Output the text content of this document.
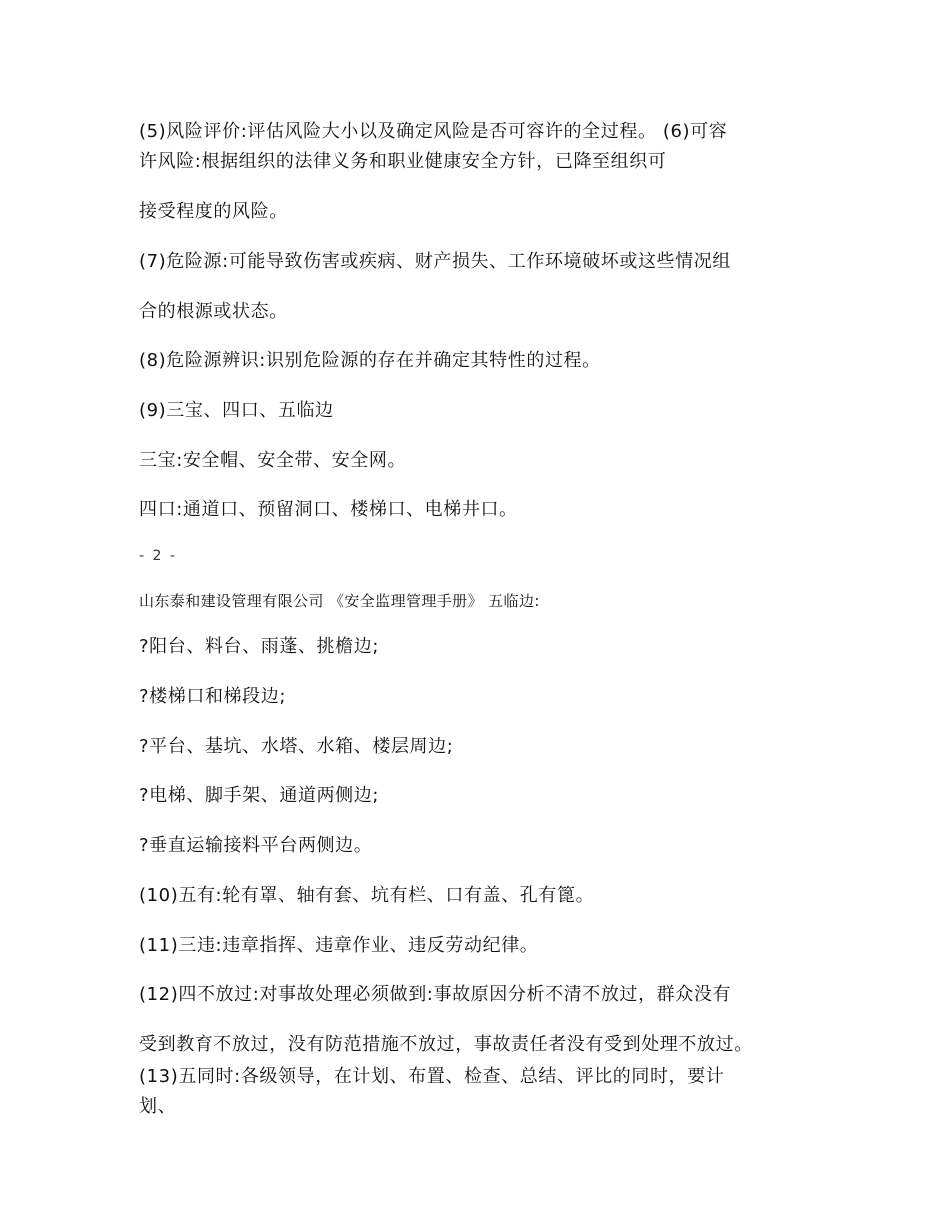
(5)风险评价:评估风险大小以及确定风险是否可容许的全过程。 (6)可容

许风险:根据组织的法律义务和职业健康安全方针，已降至组织可

接受程度的风险。

(7)危险源:可能导致伤害或疾病、财产损失、工作环境破坏或这些情况组

合的根源或状态。

(8)危险源辨识:识别危险源的存在并确定其特性的过程。

(9)三宝、四口、五临边

三宝:安全帽、安全带、安全网。

四口:通道口、预留洞口、楼梯口、电梯井口。

- 2 -

山东泰和建设管理有限公司 《安全监理管理手册》 五临边:

?阳台、料台、雨蓬、挑檐边;

?楼梯口和梯段边;

?平台、基坑、水塔、水箱、楼层周边;

?电梯、脚手架、通道两侧边;

?垂直运输接料平台两侧边。

(10)五有:轮有罩、轴有套、坑有栏、口有盖、孔有篦。

(11)三违:违章指挥、违章作业、违反劳动纪律。

(12)四不放过:对事故处理必须做到:事故原因分析不清不放过，群众没有

受到教育不放过，没有防范措施不放过，事故责任者没有受到处理不放过。

(13)五同时:各级领导，在计划、布置、检查、总结、评比的同时，要计

划、
